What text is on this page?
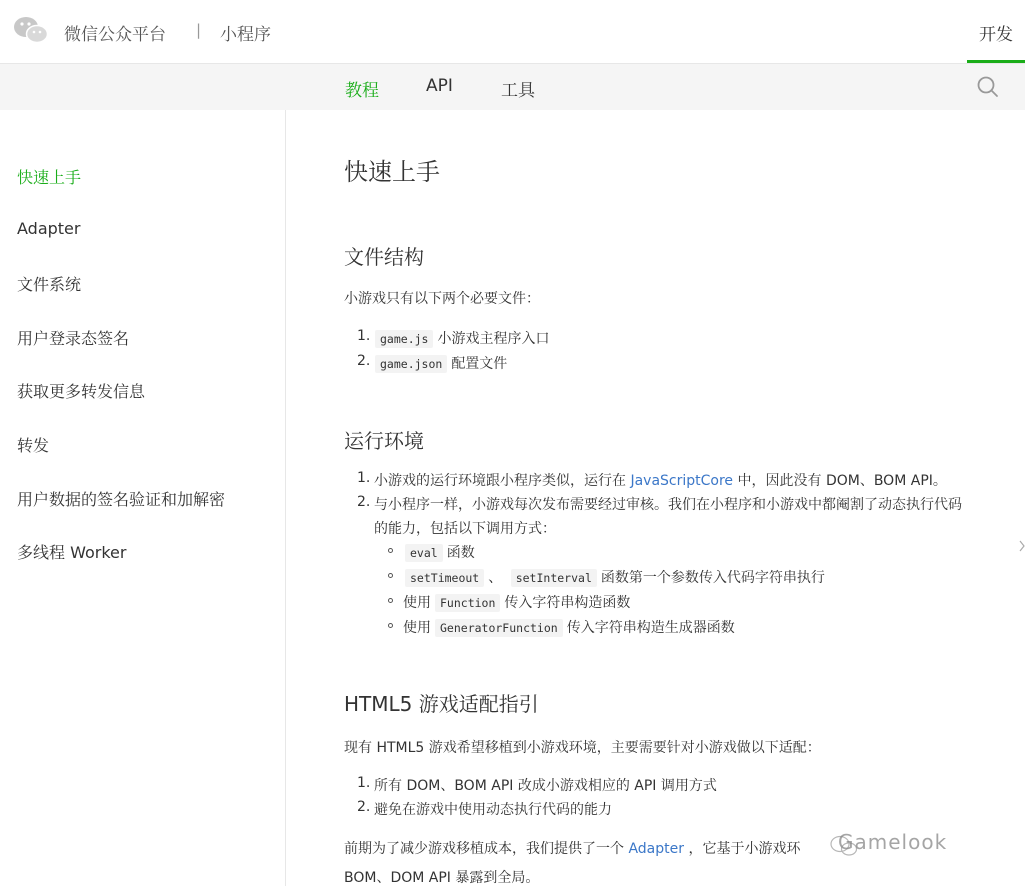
微信公众平台 | 小程序	开发
教程	API	工具
快速上手
Adapter
文件系统
用户登录态签名
获取更多转发信息
转发
用户数据的签名验证和加解密
多线程 Worker
快速上手
文件结构
小游戏只有以下两个必要文件：
1. game.js 小游戏主程序入口
2. game.json 配置文件
运行环境
1. 小游戏的运行环境跟小程序类似，运行在 JavaScriptCore 中，因此没有 DOM、BOM API。
2. 与小程序一样，小游戏每次发布需要经过审核。我们在小程序和小游戏中都阉割了动态执行代码
的能力，包括以下调用方式：
eval 函数
setTimeout 、 setInterval 函数第一个参数传入代码字符串执行
使用 Function 传入字符串构造函数
使用 GeneratorFunction 传入字符串构造生成器函数
HTML5 游戏适配指引
现有 HTML5 游戏希望移植到小游戏环境，主要需要针对小游戏做以下适配：
1. 所有 DOM、BOM API 改成小游戏相应的 API 调用方式
2. 避免在游戏中使用动态执行代码的能力
前期为了减少游戏移植成本，我们提供了一个 Adapter ，它基于小游戏环
BOM、DOM API 暴露到全局。
Gamelook
